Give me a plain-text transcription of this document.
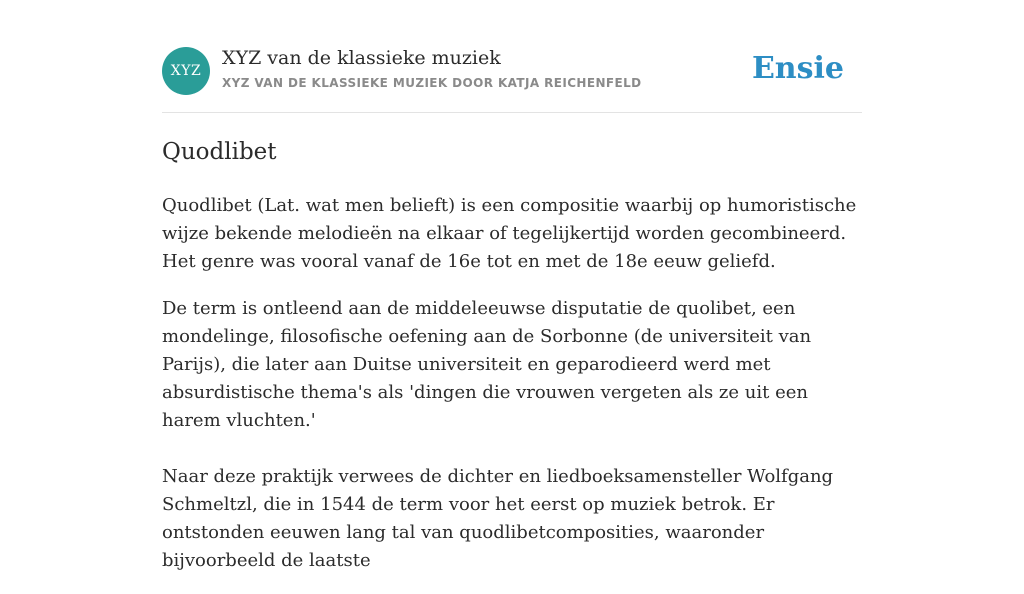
XYZ
XYZ van de klassieke muziek
XYZ VAN DE KLASSIEKE MUZIEK DOOR KATJA REICHENFELD	Ensie
Quodlibet

Quodlibet (Lat. wat men belieft) is een compositie waarbij op humoristische wijze bekende melodieën na elkaar of tegelijkertijd worden gecombineerd. Het genre was vooral vanaf de 16e tot en met de 18e eeuw geliefd.

De term is ontleend aan de middeleeuwse disputatie de quolibet, een mondelinge, filosofische oefening aan de Sorbonne (de universiteit van Parijs), die later aan Duitse universiteit en geparodieerd werd met absurdistische thema's als 'dingen die vrouwen vergeten als ze uit een harem vluchten.'

Naar deze praktijk verwees de dichter en liedboeksamensteller Wolfgang Schmeltzl, die in 1544 de term voor het eerst op muziek betrok. Er ontstonden eeuwen lang tal van quodlibetcomposities, waaronder bijvoorbeeld de laatste
